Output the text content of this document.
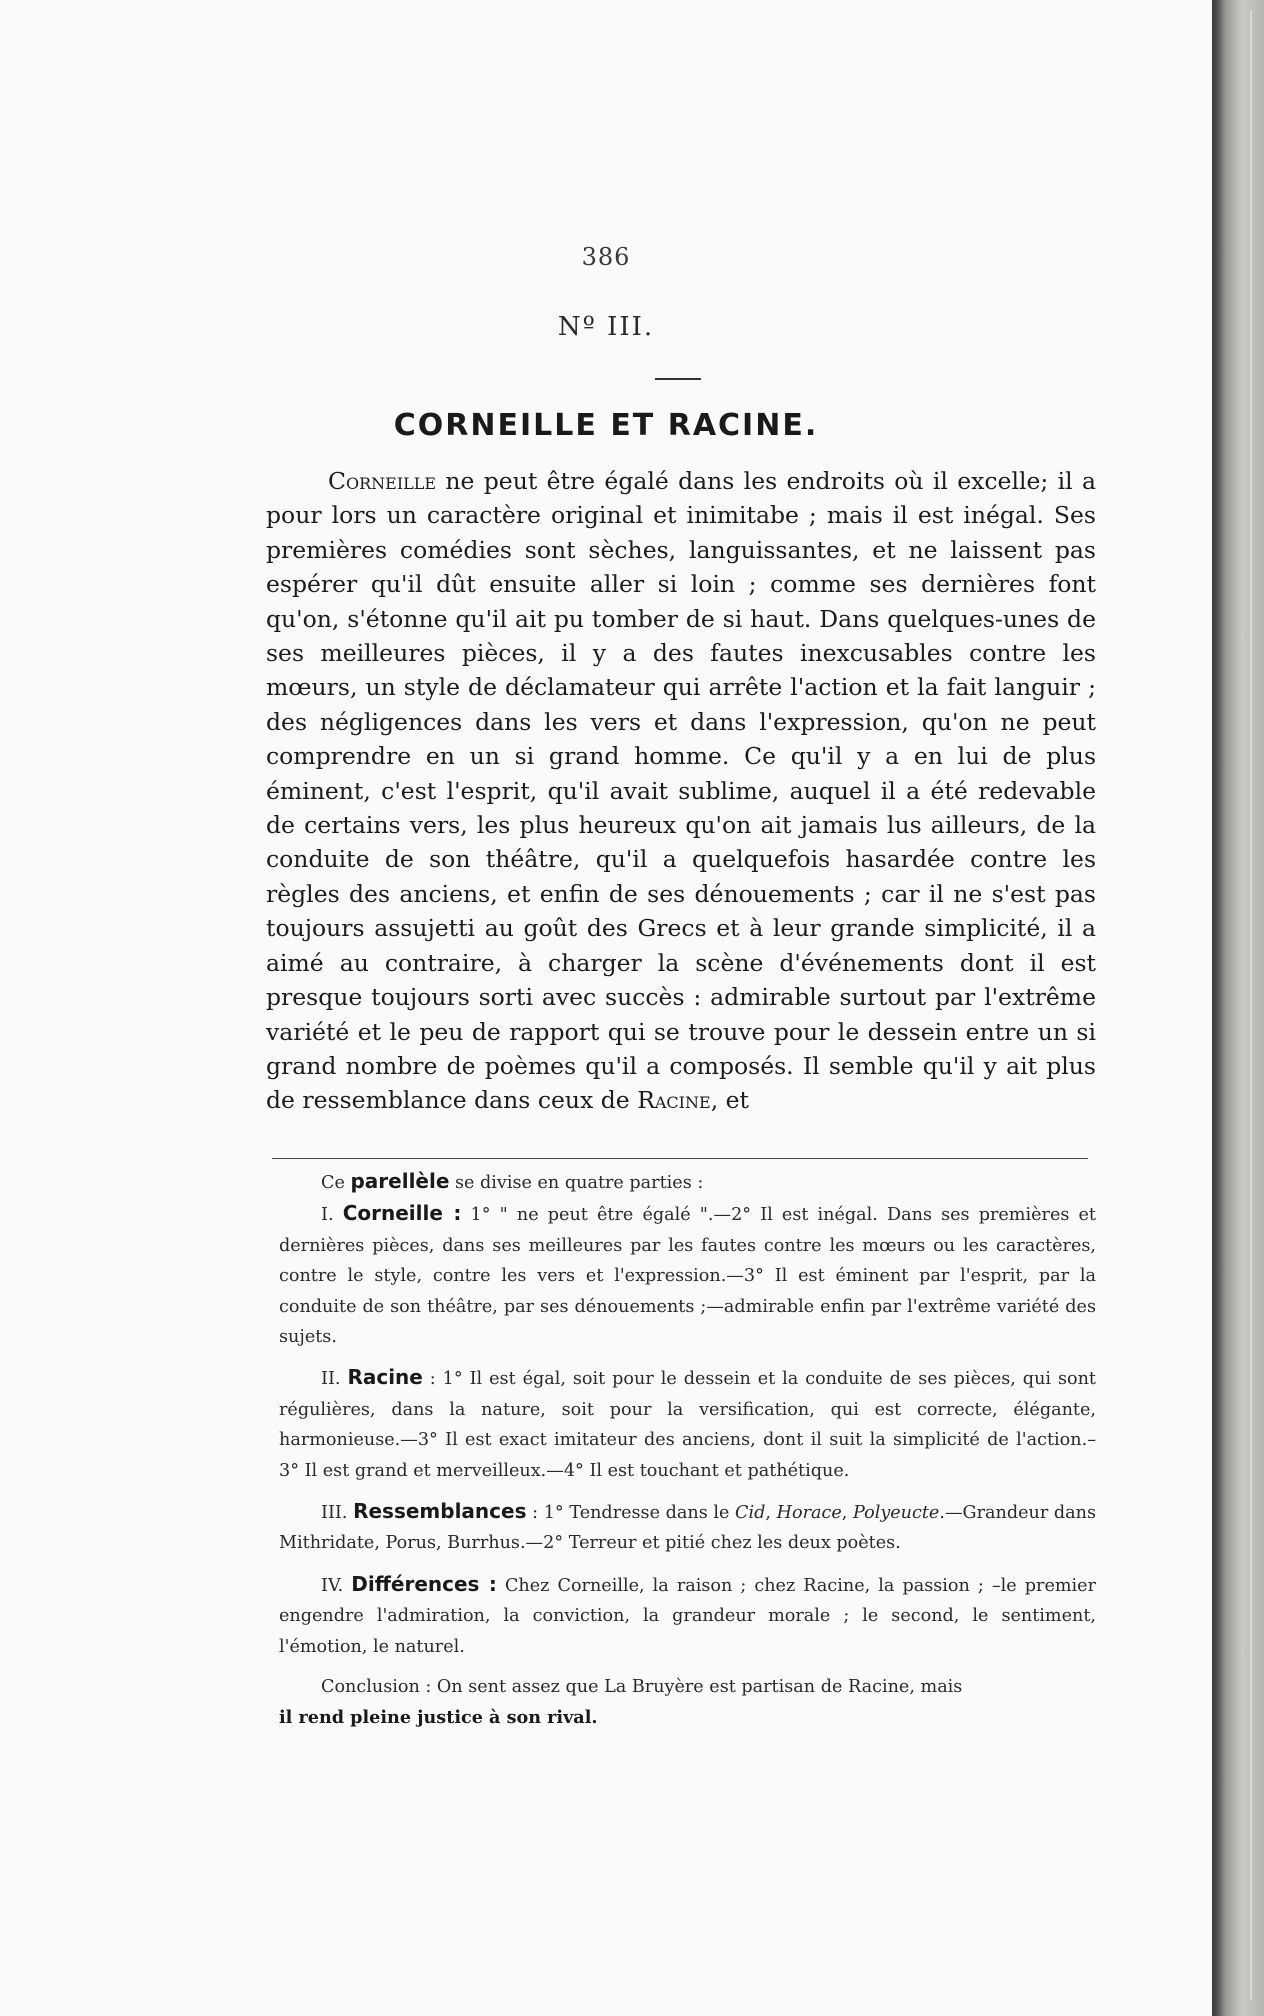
386
Nº III.
CORNEILLE ET RACINE.

Corneille ne peut être égalé dans les endroits où il excelle; il a pour lors un caractère original et inimitabe ; mais il est inégal. Ses premières comédies sont sèches, languissantes, et ne laissent pas espérer qu'il dût ensuite aller si loin ; comme ses dernières font qu'on, s'étonne qu'il ait pu tomber de si haut. Dans quelques-unes de ses meilleures pièces, il y a des fautes inexcusables contre les mœurs, un style de déclamateur qui arrête l'action et la fait languir ; des négligences dans les vers et dans l'expression, qu'on ne peut comprendre en un si grand homme. Ce qu'il y a en lui de plus éminent, c'est l'esprit, qu'il avait sublime, auquel il a été redevable de certains vers, les plus heureux qu'on ait jamais lus ailleurs, de la conduite de son théâtre, qu'il a quelquefois hasardée contre les règles des anciens, et enfin de ses dénouements ; car il ne s'est pas toujours assujetti au goût des Grecs et à leur grande simplicité, il a aimé au contraire, à charger la scène d'événements dont il est presque toujours sorti avec succès : admirable surtout par l'extrême variété et le peu de rapport qui se trouve pour le dessein entre un si grand nombre de poèmes qu'il a composés. Il semble qu'il y ait plus de ressemblance dans ceux de Racine, et

Ce parellèle se divise en quatre parties :

I. Corneille : 1° " ne peut être égalé ".—2° Il est inégal. Dans ses premières et dernières pièces, dans ses meilleures par les fautes contre les mœurs ou les caractères, contre le style, contre les vers et l'expression.—3° Il est éminent par l'esprit, par la conduite de son théâtre, par ses dénouements ;—admirable enfin par l'extrême variété des sujets.

II. Racine : 1° Il est égal, soit pour le dessein et la conduite de ses pièces, qui sont régulières, dans la nature, soit pour la versification, qui est correcte, élégante, harmonieuse.—3° Il est exact imitateur des anciens, dont il suit la simplicité de l'action.– 3° Il est grand et merveilleux.—4° Il est touchant et pathétique.

III. Ressemblances : 1° Tendresse dans le Cid, Horace, Polyeucte.—Grandeur dans Mithridate, Porus, Burrhus.—2° Terreur et pitié chez les deux poètes.

IV. Différences : Chez Corneille, la raison ; chez Racine, la passion ; –le premier engendre l'admiration, la conviction, la grandeur morale ; le second, le sentiment, l'émotion, le naturel.

Conclusion : On sent assez que La Bruyère est partisan de Racine, mais

il rend pleine justice à son rival.
